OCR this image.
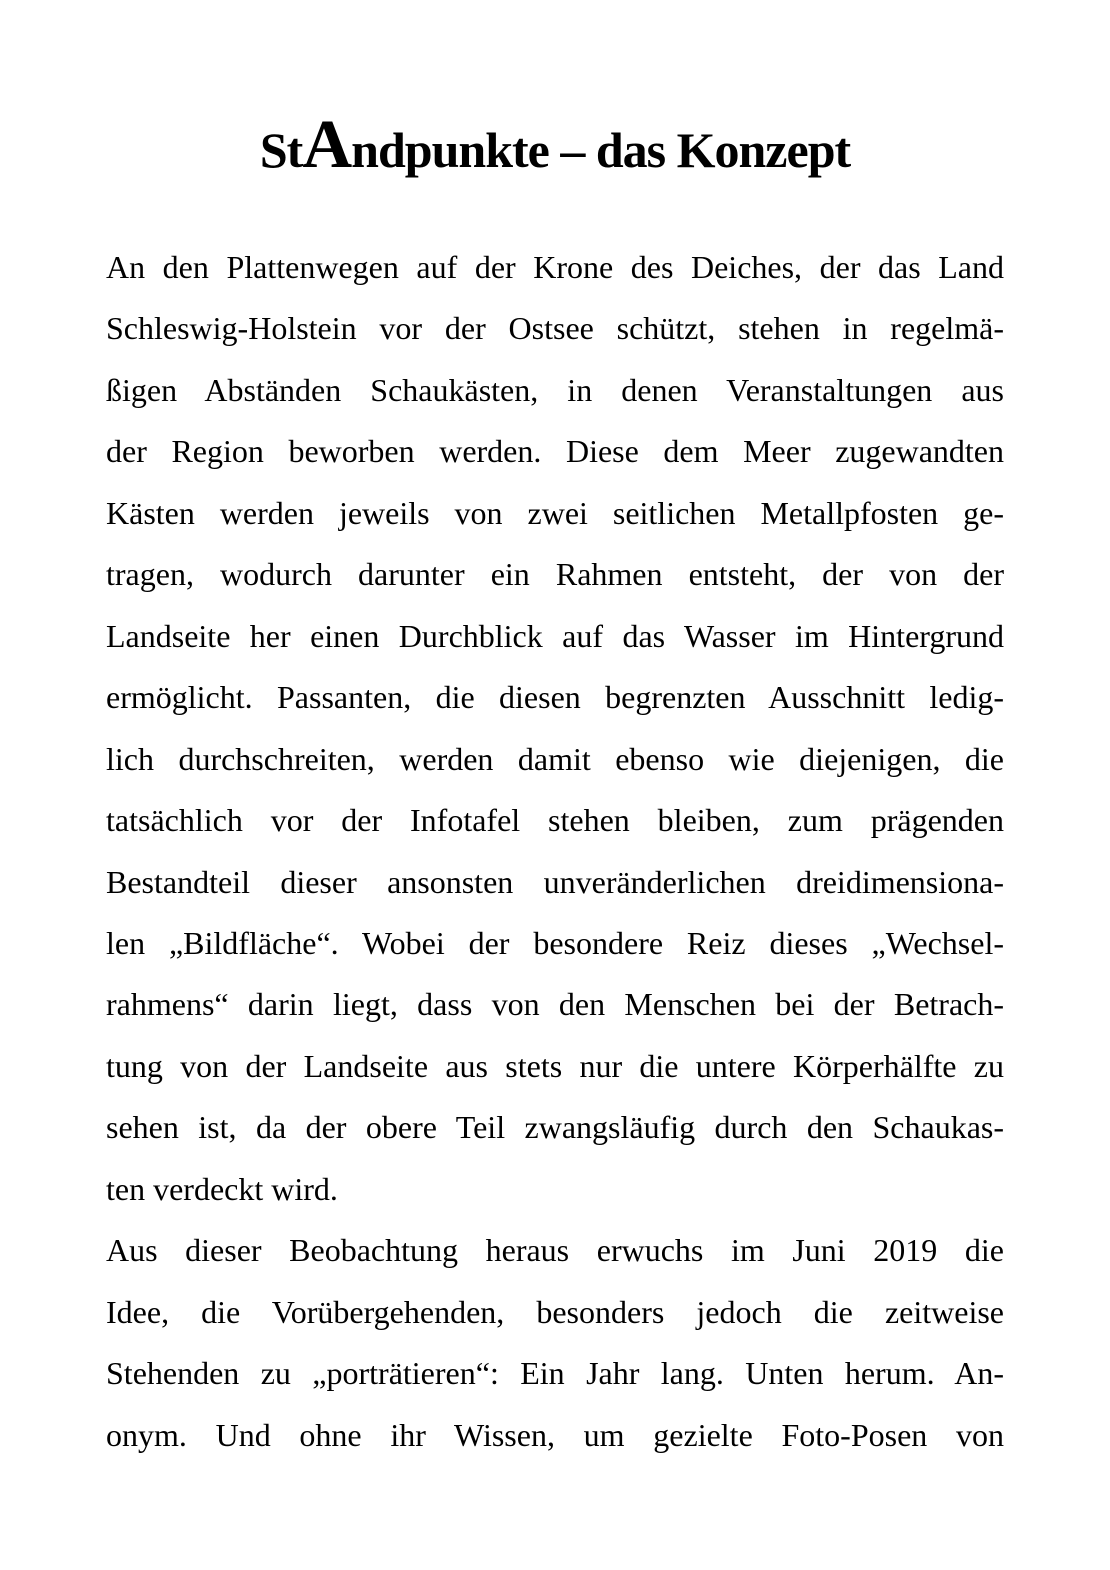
StAndpunkte – das Konzept

An den Plattenwegen auf der Krone des Deiches, der das Land

Schleswig-Holstein vor der Ostsee schützt, stehen in regelmä-

ßigen Abständen Schaukästen, in denen Veranstaltungen aus

der Region beworben werden. Diese dem Meer zugewandten

Kästen werden jeweils von zwei seitlichen Metallpfosten ge-

tragen, wodurch darunter ein Rahmen entsteht, der von der

Landseite her einen Durchblick auf das Wasser im Hintergrund

ermöglicht. Passanten, die diesen begrenzten Ausschnitt ledig-

lich durchschreiten, werden damit ebenso wie diejenigen, die

tatsächlich vor der Infotafel stehen bleiben, zum prägenden

Bestandteil dieser ansonsten unveränderlichen dreidimensiona-

len „Bildfläche“. Wobei der besondere Reiz dieses „Wechsel-

rahmens“ darin liegt, dass von den Menschen bei der Betrach-

tung von der Landseite aus stets nur die untere Körperhälfte zu

sehen ist, da der obere Teil zwangsläufig durch den Schaukas-

ten verdeckt wird.

Aus dieser Beobachtung heraus erwuchs im Juni 2019 die

Idee, die Vorübergehenden, besonders jedoch die zeitweise

Stehenden zu „porträtieren“: Ein Jahr lang. Unten herum. An-

onym. Und ohne ihr Wissen, um gezielte Foto-Posen von
